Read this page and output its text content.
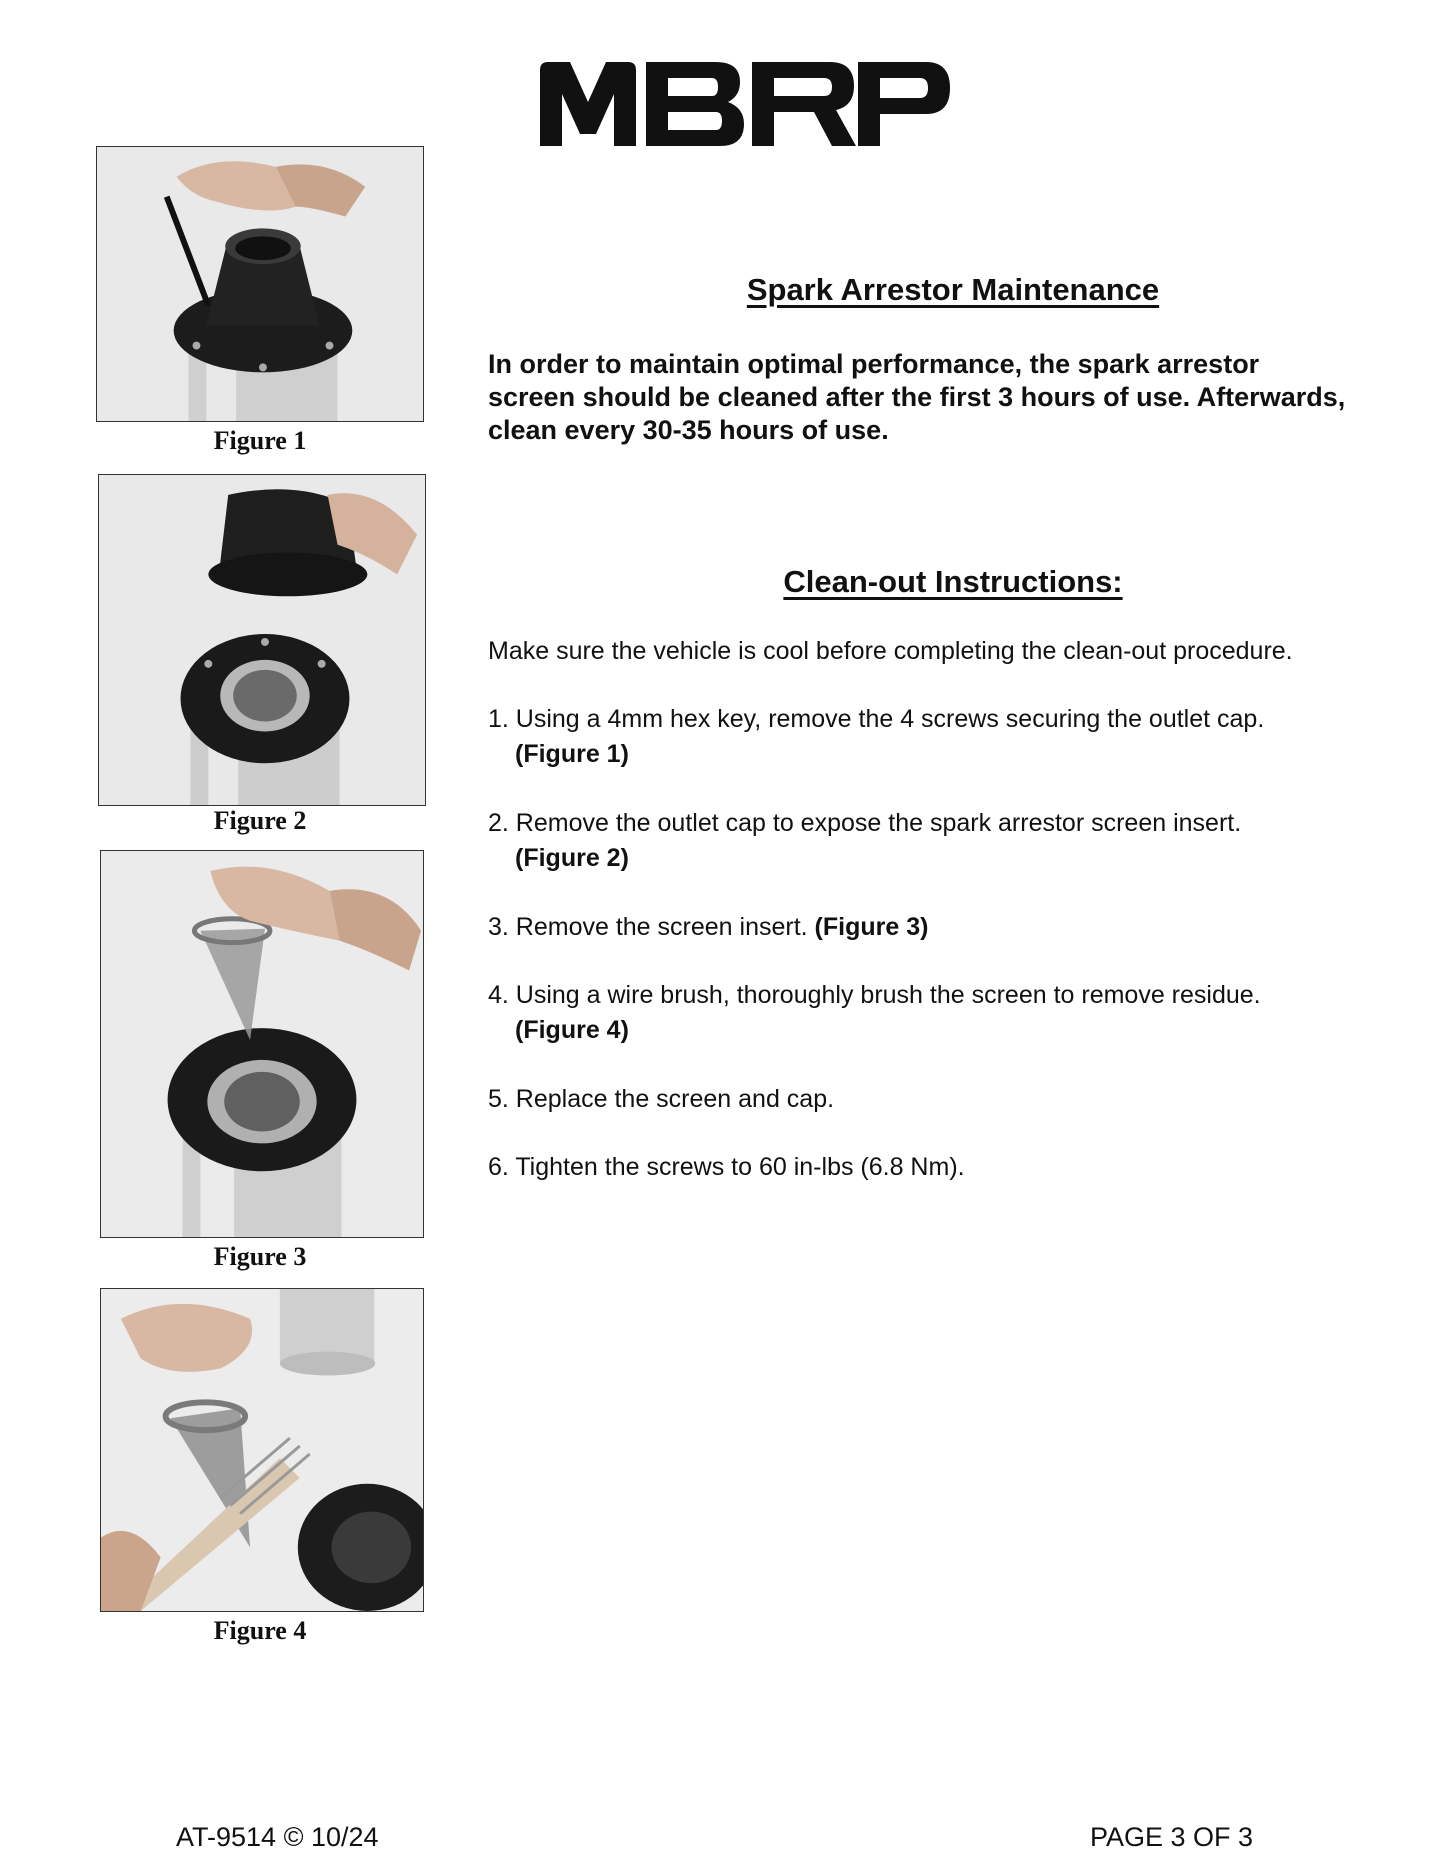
Figure 1
Figure 2
Figure 3
Figure 4
Spark Arrestor Maintenance
In order to maintain optimal performance, the spark arrestor
screen should be cleaned after the first 3 hours of use. Afterwards,
clean every 30-35 hours of use.
Clean-out Instructions:
Make sure the vehicle is cool before completing the clean-out procedure.
1. Using a 4mm hex key, remove the 4 screws securing the outlet cap.
(Figure 1)
2. Remove the outlet cap to expose the spark arrestor screen insert.
(Figure 2)
3. Remove the screen insert. (Figure 3)
4. Using a wire brush, thoroughly brush the screen to remove residue.
(Figure 4)
5. Replace the screen and cap.
6. Tighten the screws to 60 in-lbs (6.8 Nm).
AT-9514 © 10/24	PAGE 3 OF 3
